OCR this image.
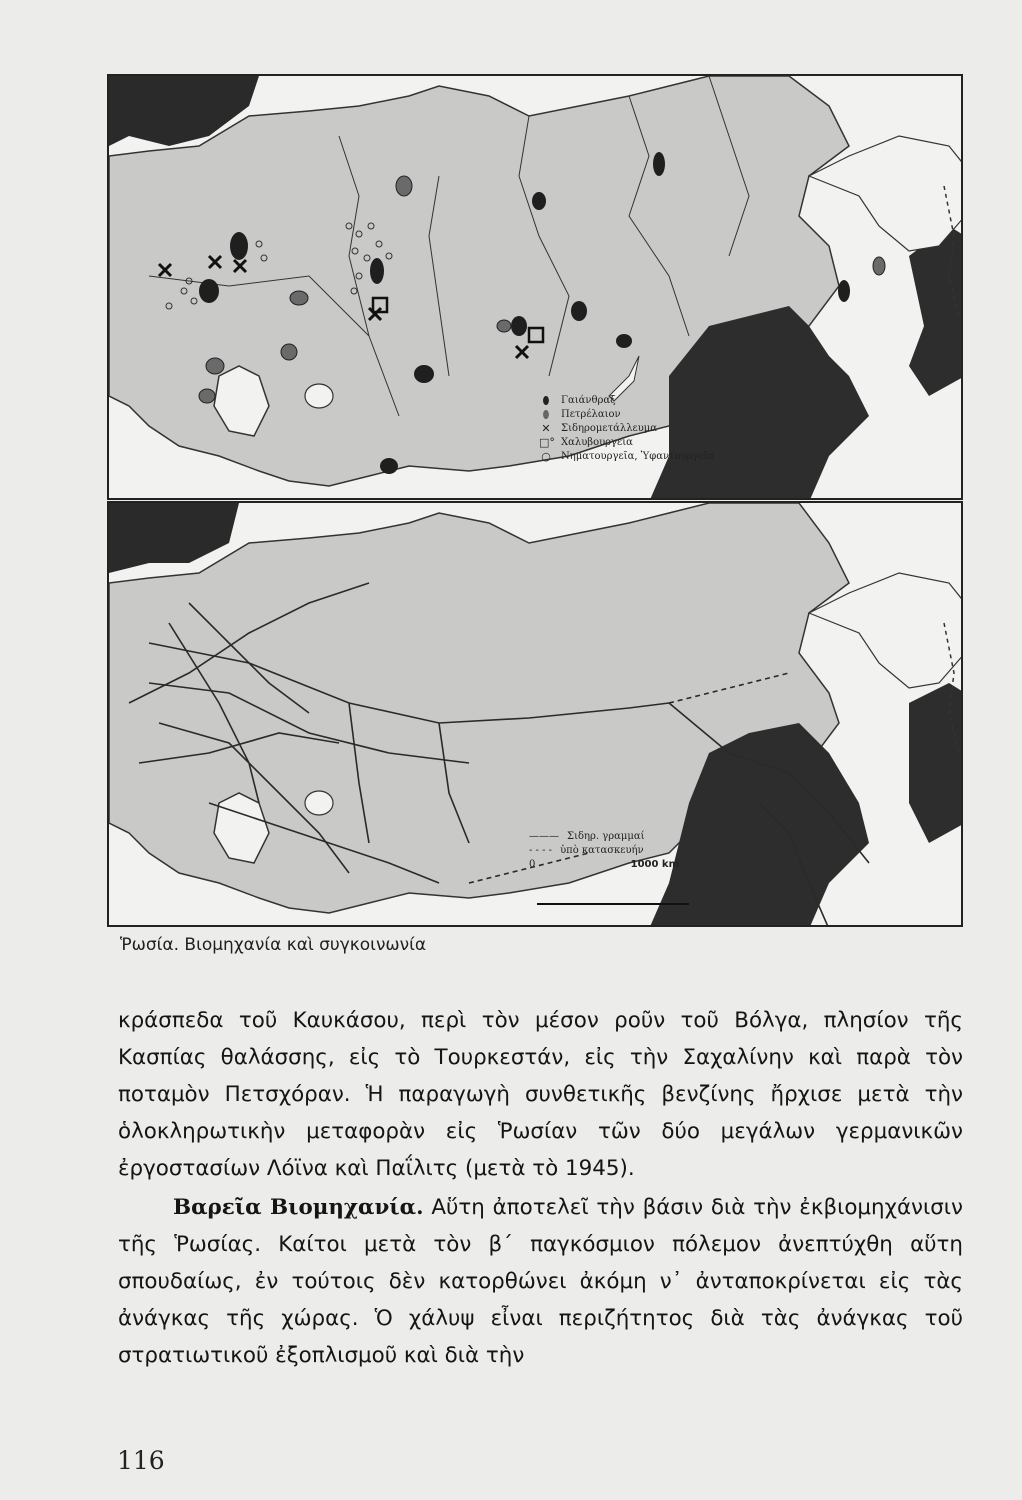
⬮	Γαιάνθραξ
⬮	Πετρέλαιον
✕ Σιδηρομετάλλευμα
□° Χαλυβουργεῖα
○ Νηματουργεῖα, Ὑφαντουργεῖα
——— Σιδηρ. γραμμαί
- - - - ὑπὸ κατασκευήν
0	1000 km
Ῥωσία. Βιομηχανία καὶ συγκοινωνία

κράσπεδα τοῦ Καυκάσου, περὶ τὸν μέσον ροῦν τοῦ Βόλγα, πλησίον τῆς Κασπίας θαλάσσης, εἰς τὸ Τουρκεστάν, εἰς τὴν Σαχαλίνην καὶ παρὰ τὸν ποταμὸν Πετσχόραν. Ἡ παραγωγὴ συνθετικῆς βενζίνης ἤρχισε μετὰ τὴν ὁλοκληρωτικὴν μεταφορὰν εἰς Ῥωσίαν τῶν δύο μεγάλων γερμανικῶν ἐργοστασίων Λόϊνα καὶ Παΐλιτς (μετὰ τὸ 1945).

Βαρεῖα Βιομηχανία. Αὕτη ἀποτελεῖ τὴν βάσιν διὰ τὴν ἐκβιομηχάνισιν τῆς Ῥωσίας. Καίτοι μετὰ τὸν β΄ παγκόσμιον πόλεμον ἀνεπτύχθη αὕτη σπουδαίως, ἐν τούτοις δὲν κατορθώνει ἀκόμη ν᾽ ἀνταποκρίνεται εἰς τὰς ἀνάγκας τῆς χώρας. Ὁ χάλυψ εἶναι περιζήτητος διὰ τὰς ἀνάγκας τοῦ στρατιωτικοῦ ἐξοπλισμοῦ καὶ διὰ τὴν

116
